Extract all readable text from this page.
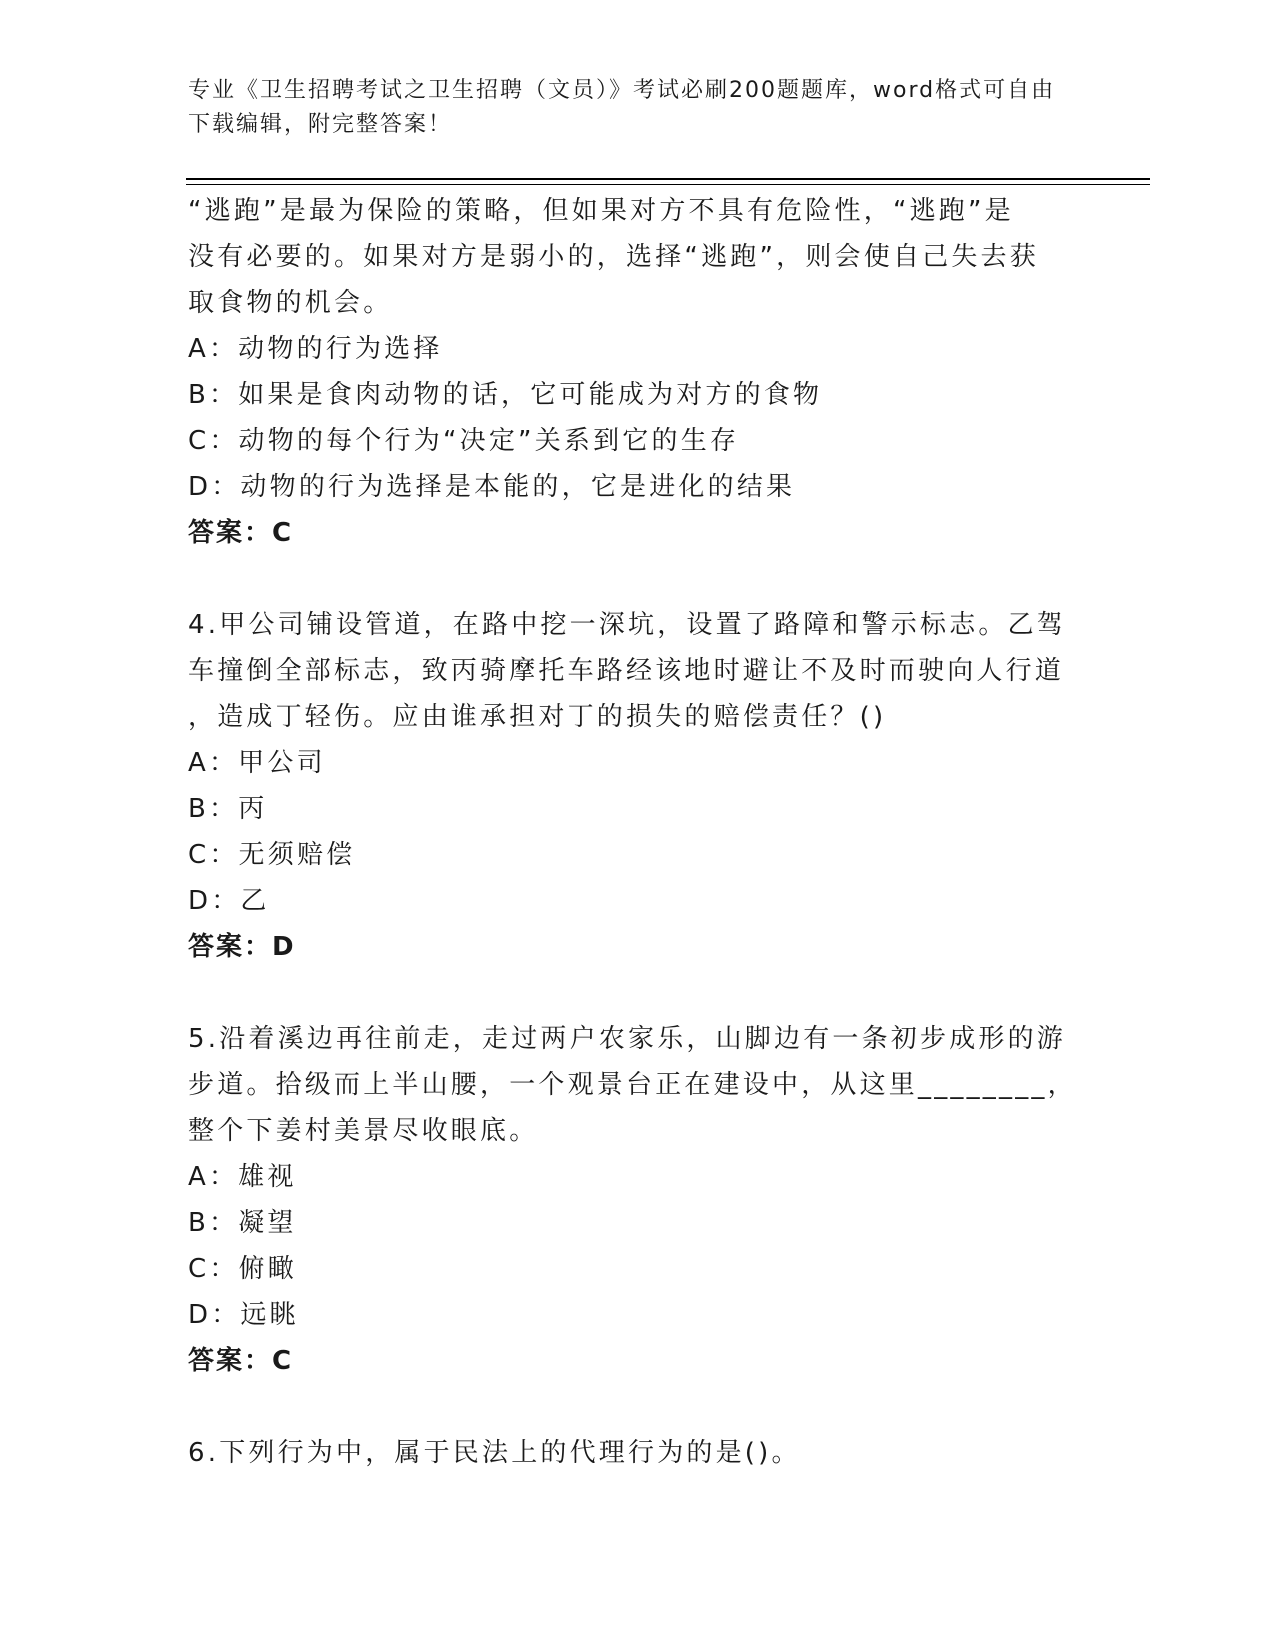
专业《卫生招聘考试之卫生招聘（文员）》考试必刷200题题库，word格式可自由下载编辑，附完整答案！

“逃跑”是最为保险的策略，但如果对方不具有危险性，“逃跑”是

没有必要的。如果对方是弱小的，选择“逃跑”，则会使自己失去获

取食物的机会。

A：动物的行为选择

B：如果是食肉动物的话，它可能成为对方的食物

C：动物的每个行为“决定”关系到它的生存

D：动物的行为选择是本能的，它是进化的结果

答案：C

4.甲公司铺设管道，在路中挖一深坑，设置了路障和警示标志。乙驾

车撞倒全部标志，致丙骑摩托车路经该地时避让不及时而驶向人行道

，造成丁轻伤。应由谁承担对丁的损失的赔偿责任？()

A：甲公司

B：丙

C：无须赔偿

D：乙

答案：D

5.沿着溪边再往前走，走过两户农家乐，山脚边有一条初步成形的游

步道。拾级而上半山腰，一个观景台正在建设中，从这里________，

整个下姜村美景尽收眼底。

A：雄视

B：凝望

C：俯瞰

D：远眺

答案：C

6.下列行为中，属于民法上的代理行为的是()。
